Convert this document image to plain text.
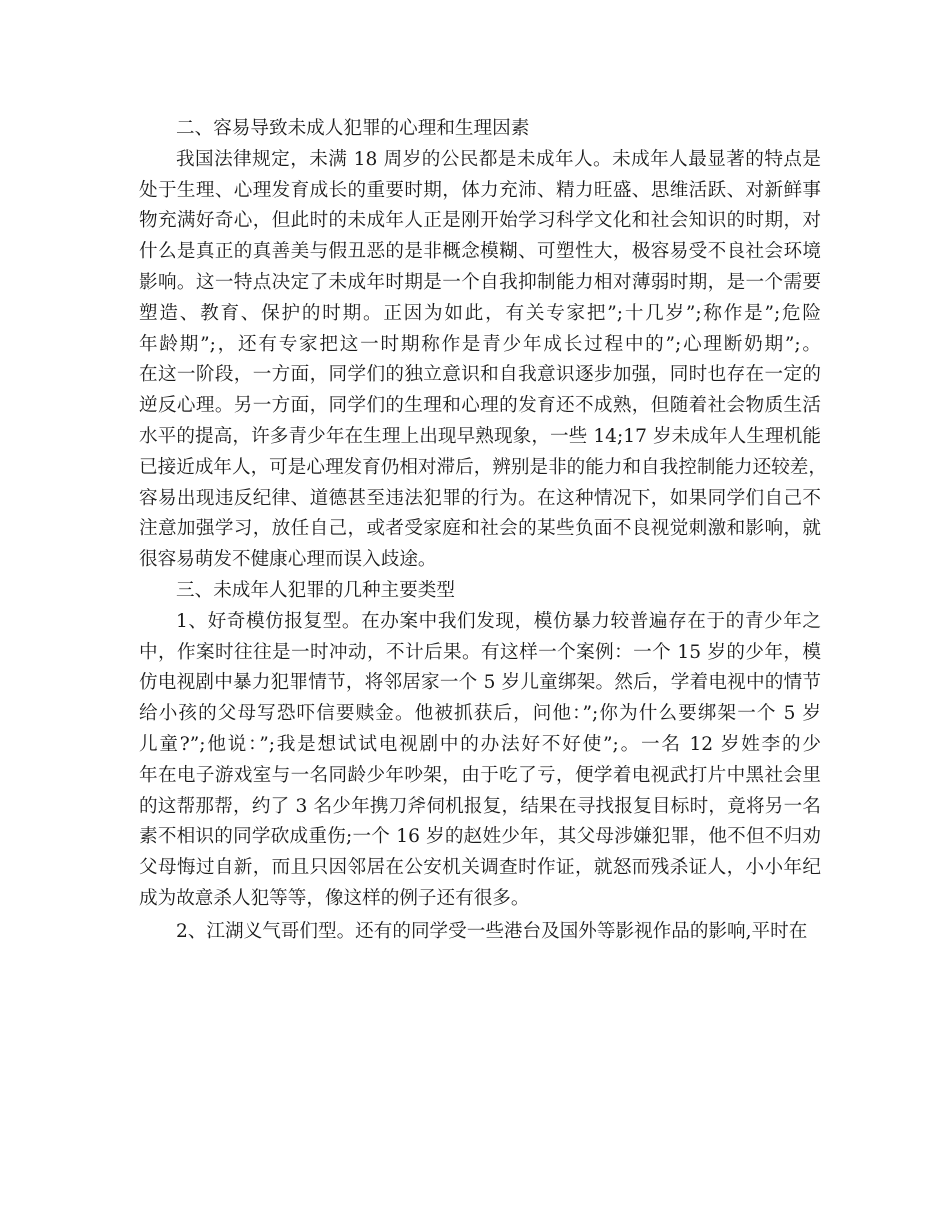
二、容易导致未成人犯罪的心理和生理因素
我国法律规定，未满 18 周岁的公民都是未成年人。未成年人最显著的特点是
处于生理、心理发育成长的重要时期，体力充沛、精力旺盛、思维活跃、对新鲜事
物充满好奇心，但此时的未成年人正是刚开始学习科学文化和社会知识的时期，对
什么是真正的真善美与假丑恶的是非概念模糊、可塑性大，极容易受不良社会环境
影响。这一特点决定了未成年时期是一个自我抑制能力相对薄弱时期，是一个需要
塑造、教育、保护的时期。正因为如此，有关专家把”;十几岁”;称作是”;危险
年龄期”;，还有专家把这一时期称作是青少年成长过程中的”;心理断奶期”;。
在这一阶段，一方面，同学们的独立意识和自我意识逐步加强，同时也存在一定的
逆反心理。另一方面，同学们的生理和心理的发育还不成熟，但随着社会物质生活
水平的提高，许多青少年在生理上出现早熟现象，一些 14;17 岁未成年人生理机能
已接近成年人，可是心理发育仍相对滞后，辨别是非的能力和自我控制能力还较差，
容易出现违反纪律、道德甚至违法犯罪的行为。在这种情况下，如果同学们自己不
注意加强学习，放任自己，或者受家庭和社会的某些负面不良视觉刺激和影响，就
很容易萌发不健康心理而误入歧途。
三、未成年人犯罪的几种主要类型
1、好奇模仿报复型。在办案中我们发现，模仿暴力较普遍存在于的青少年之
中，作案时往往是一时冲动，不计后果。有这样一个案例：一个 15 岁的少年，模
仿电视剧中暴力犯罪情节，将邻居家一个 5 岁儿童绑架。然后，学着电视中的情节
给小孩的父母写恐吓信要赎金。他被抓获后，问他：”;你为什么要绑架一个 5 岁
儿童?”;他说：”;我是想试试电视剧中的办法好不好使”;。一名 12 岁姓李的少
年在电子游戏室与一名同龄少年吵架，由于吃了亏，便学着电视武打片中黑社会里
的这帮那帮，约了 3 名少年携刀斧伺机报复，结果在寻找报复目标时，竟将另一名
素不相识的同学砍成重伤;一个 16 岁的赵姓少年，其父母涉嫌犯罪，他不但不归劝
父母悔过自新，而且只因邻居在公安机关调查时作证，就怒而残杀证人，小小年纪
成为故意杀人犯等等，像这样的例子还有很多。
2、江湖义气哥们型。还有的同学受一些港台及国外等影视作品的影响,平时在
